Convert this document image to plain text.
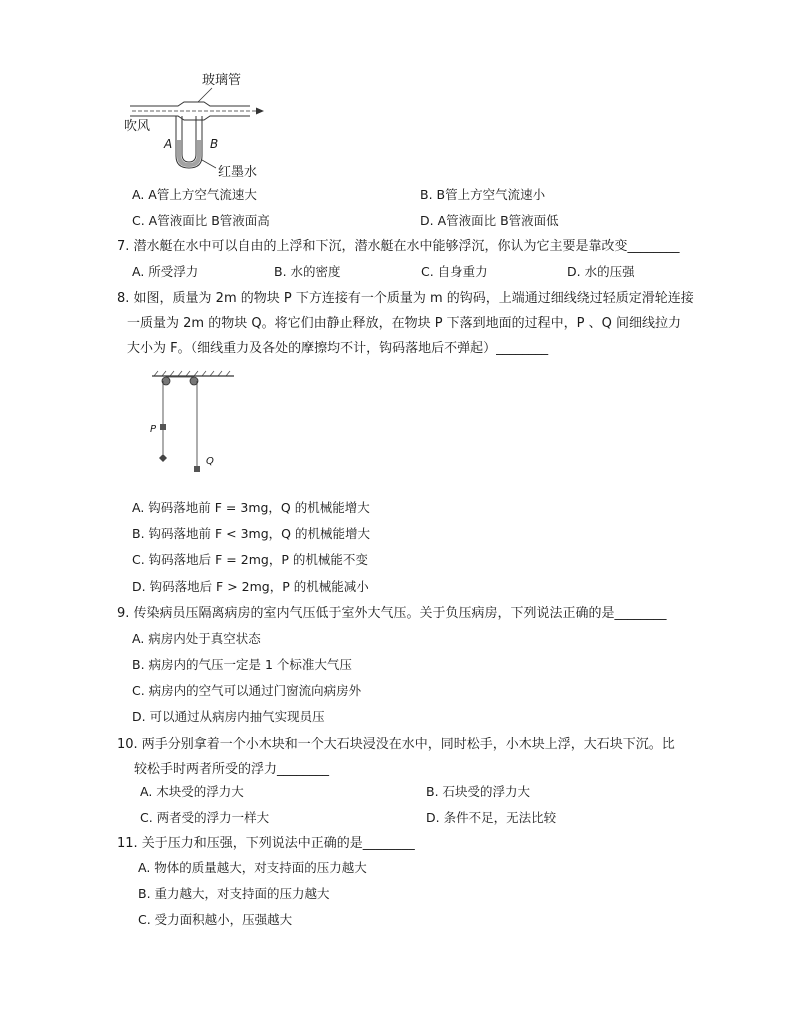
玻璃管
吹风
A	B
红墨水
A. A管上方空气流速大	B. B管上方空气流速小
C. A管液面比 B管液面高	D. A管液面比 B管液面低
7. 潜水艇在水中可以自由的上浮和下沉，潜水艇在水中能够浮沉，你认为它主要是靠改变________
A. 所受浮力	B. 水的密度	C. 自身重力	D. 水的压强
8. 如图，质量为 2m 的物块 P 下方连接有一个质量为 m 的钩码，上端通过细线绕过轻质定滑轮连接
一质量为 2m 的物块 Q。将它们由静止释放，在物块 P 下落到地面的过程中，P 、Q 间细线拉力
大小为 F。（细线重力及各处的摩擦均不计，钩码落地后不弹起）________
P
Q
A. 钩码落地前 F = 3mg，Q 的机械能增大
B. 钩码落地前 F < 3mg，Q 的机械能增大
C. 钩码落地后 F = 2mg，P 的机械能不变
D. 钩码落地后 F > 2mg，P 的机械能减小
9. 传染病员压隔离病房的室内气压低于室外大气压。关于负压病房，下列说法正确的是________
A. 病房内处于真空状态
B. 病房内的气压一定是 1 个标准大气压
C. 病房内的空气可以通过门窗流向病房外
D. 可以通过从病房内抽气实现员压
10. 两手分别拿着一个小木块和一个大石块浸没在水中，同时松手，小木块上浮，大石块下沉。比
较松手时两者所受的浮力________
A. 木块受的浮力大	B. 石块受的浮力大
C. 两者受的浮力一样大	D. 条件不足，无法比较
11. 关于压力和压强，下列说法中正确的是________
A. 物体的质量越大，对支持面的压力越大
B. 重力越大，对支持面的压力越大
C. 受力面积越小，压强越大
